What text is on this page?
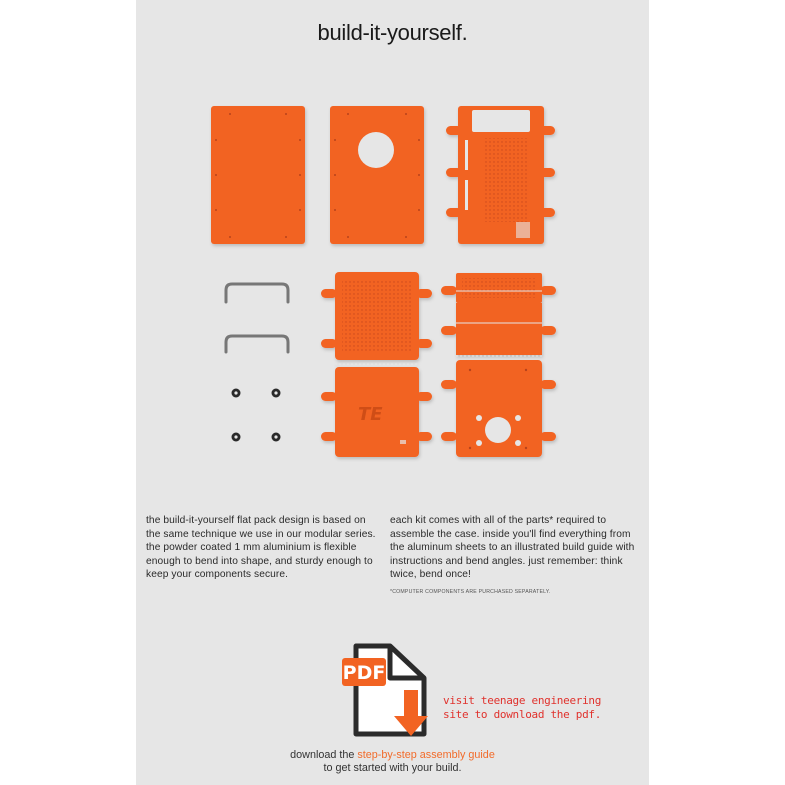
build-it-yourself.
TE
the build-it-yourself flat pack design is based on the same technique we use in our modular series. the powder coated 1 mm aluminium is flexible enough to bend into shape, and sturdy enough to keep your components secure.
each kit comes with all of the parts* required to assemble the case. inside you'll find everything from the aluminum sheets to an illustrated build guide with instructions and bend angles. just remember: think twice, bend once!
*COMPUTER COMPONENTS ARE PURCHASED SEPARATELY.
PDF
visit teenage engineering site to download the pdf.
download the step-by-step assembly guide
to get started with your build.
